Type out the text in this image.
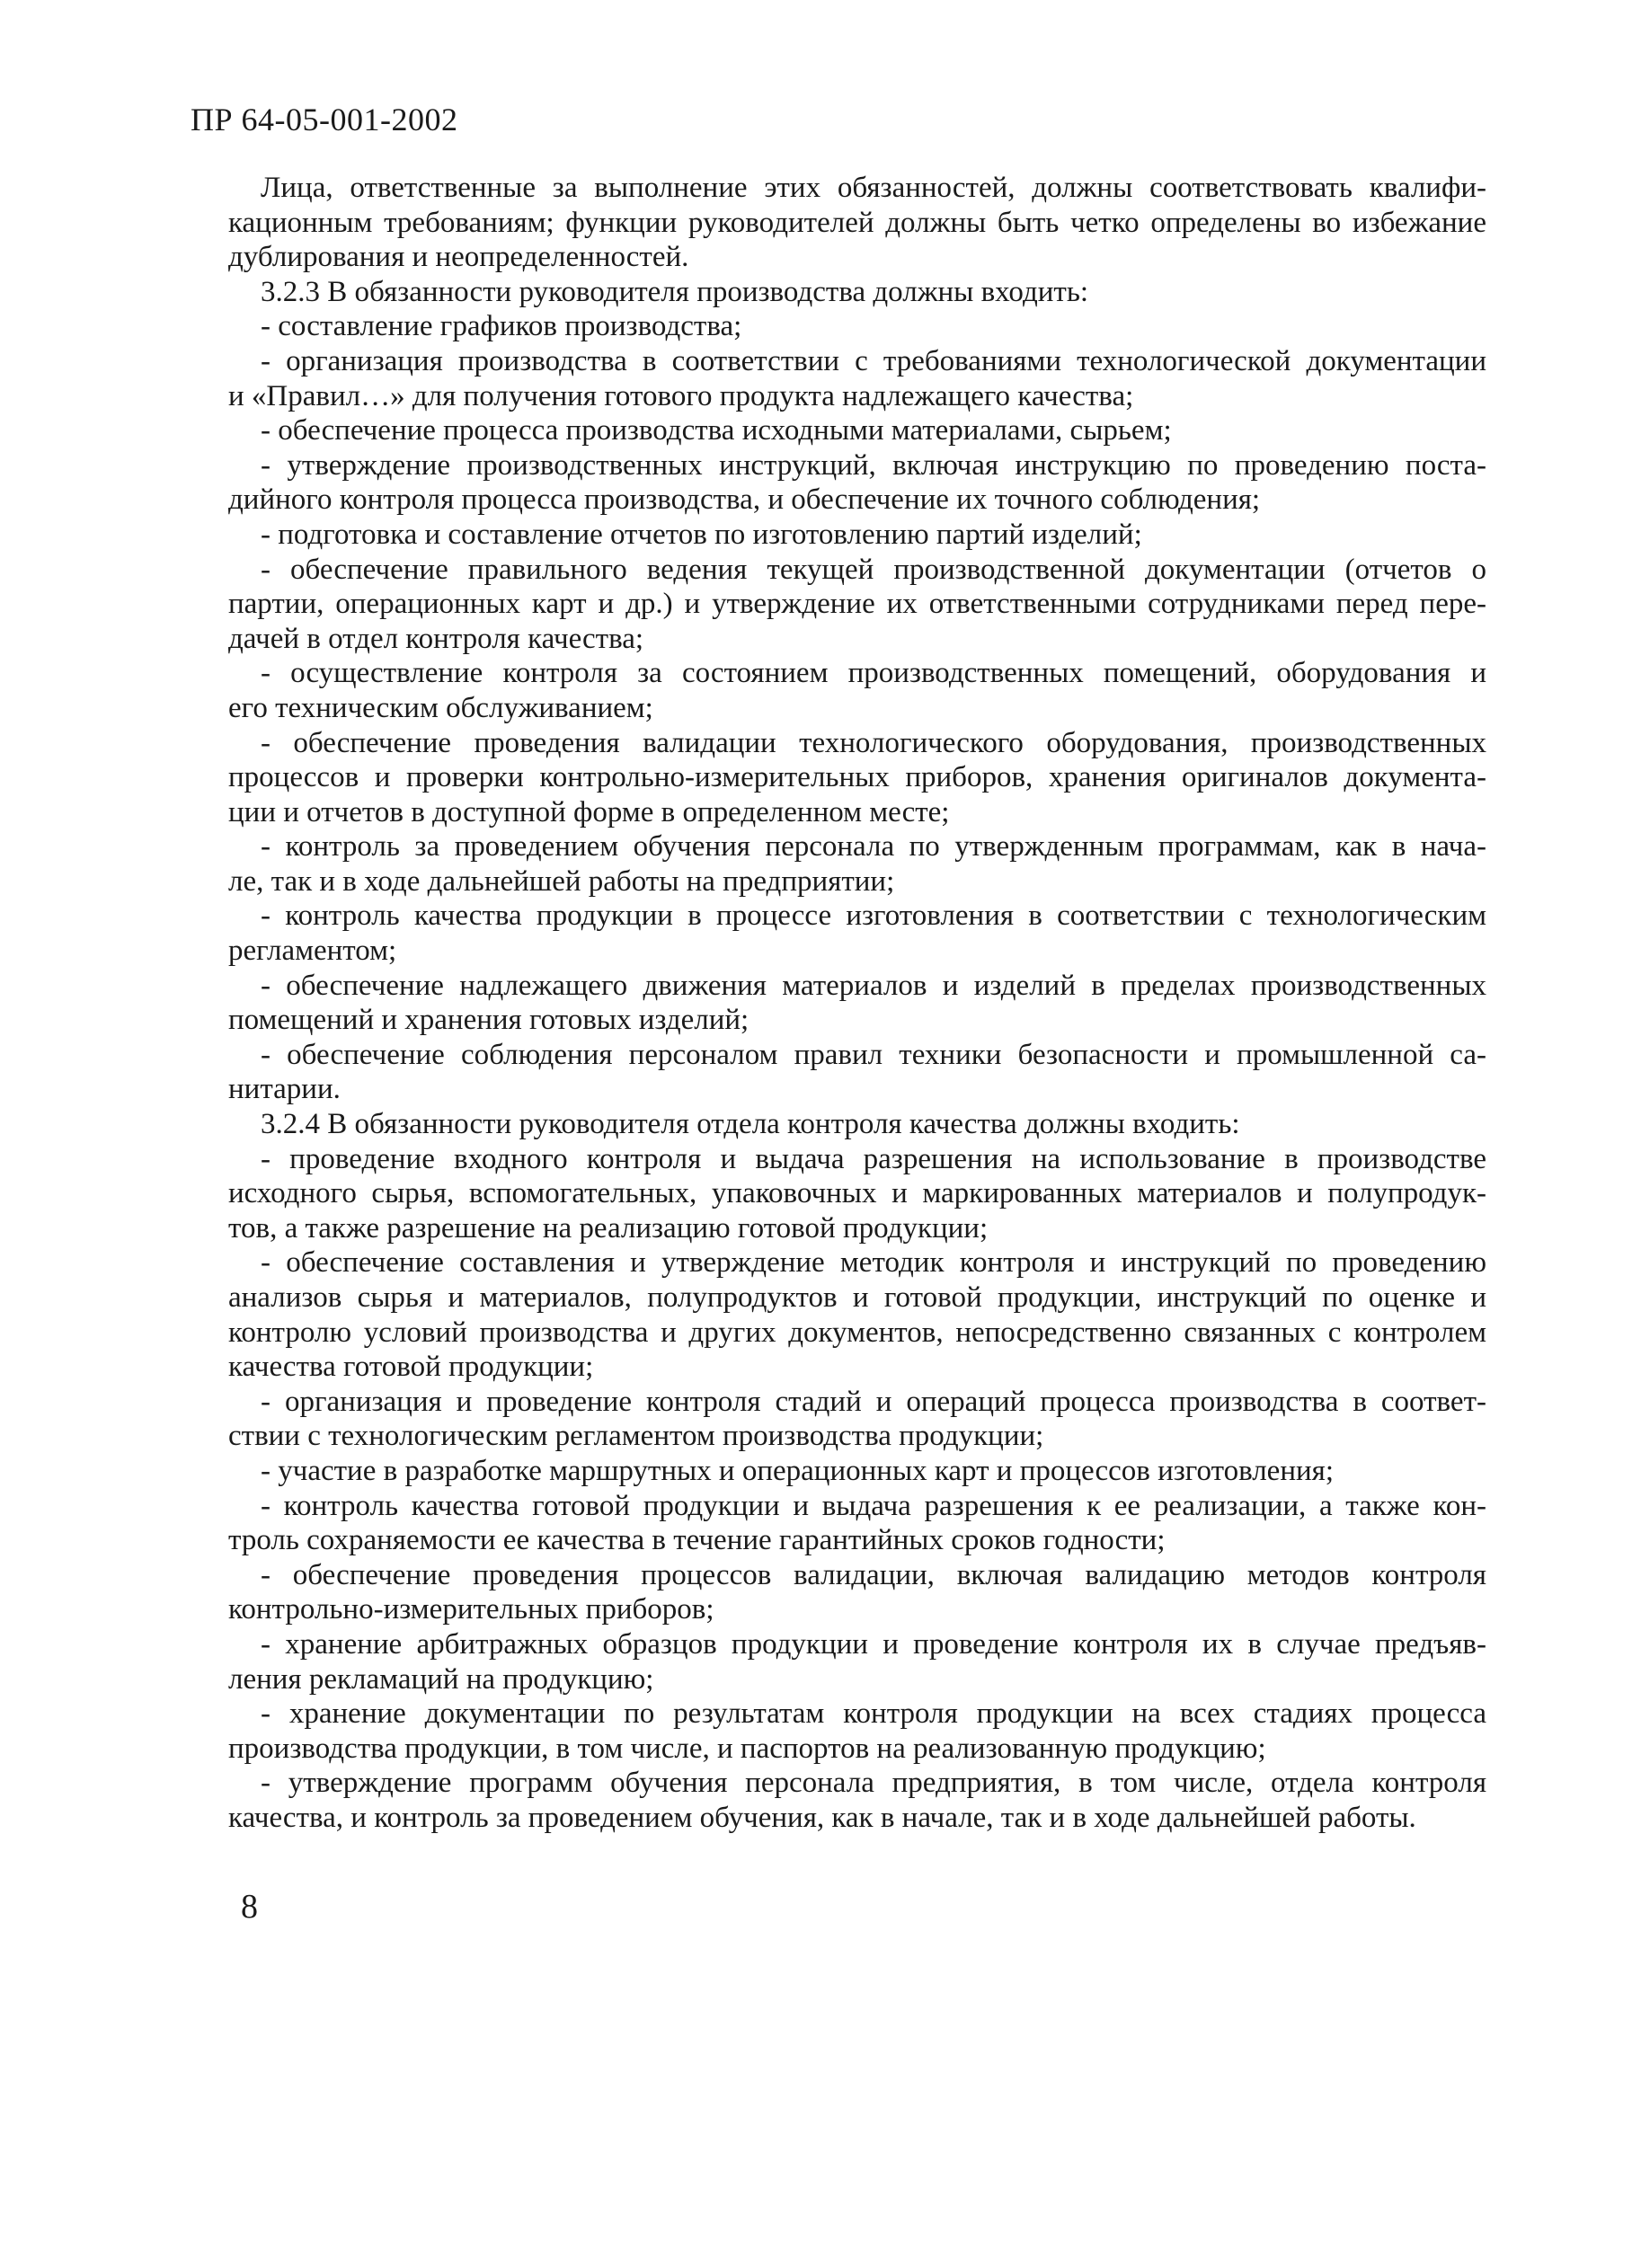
ПР 64-05-001-2002
Лица, ответственные за выполнение этих обязанностей, должны соответствовать квалифи-
кационным требованиям; функции руководителей должны быть четко определены во избежание
дублирования и неопределенностей.
3.2.3 В обязанности руководителя производства должны входить:
- составление графиков производства;
- организация производства в соответствии с требованиями технологической документации
и «Правил…» для получения готового продукта надлежащего качества;
- обеспечение процесса производства исходными материалами, сырьем;
- утверждение производственных инструкций, включая инструкцию по проведению поста-
дийного контроля процесса производства, и обеспечение их точного соблюдения;
- подготовка и составление отчетов по изготовлению партий изделий;
- обеспечение правильного ведения текущей производственной документации (отчетов о
партии, операционных карт и др.) и утверждение их ответственными сотрудниками перед пере-
дачей в отдел контроля качества;
- осуществление контроля за состоянием производственных помещений, оборудования и
его техническим обслуживанием;
- обеспечение проведения валидации технологического оборудования, производственных
процессов и проверки контрольно-измерительных приборов, хранения оригиналов документа-
ции и отчетов в доступной форме в определенном месте;
- контроль за проведением обучения персонала по утвержденным программам, как в нача-
ле, так и в ходе дальнейшей работы на предприятии;
- контроль качества продукции в процессе изготовления в соответствии с технологическим
регламентом;
- обеспечение надлежащего движения материалов и изделий в пределах производственных
помещений и хранения готовых изделий;
- обеспечение соблюдения персоналом правил техники безопасности и промышленной са-
нитарии.
3.2.4 В обязанности руководителя отдела контроля качества должны входить:
- проведение входного контроля и выдача разрешения на использование в производстве
исходного сырья, вспомогательных, упаковочных и маркированных материалов и полупродук-
тов, а также разрешение на реализацию готовой продукции;
- обеспечение составления и утверждение методик контроля и инструкций по проведению
анализов сырья и материалов, полупродуктов и готовой продукции, инструкций по оценке и
контролю условий производства и других документов, непосредственно связанных с контролем
качества готовой продукции;
- организация и проведение контроля стадий и операций процесса производства в соответ-
ствии с технологическим регламентом производства продукции;
- участие в разработке маршрутных и операционных карт и процессов изготовления;
- контроль качества готовой продукции и выдача разрешения к ее реализации, а также кон-
троль сохраняемости ее качества в течение гарантийных сроков годности;
- обеспечение проведения процессов валидации, включая валидацию методов контроля
контрольно-измерительных приборов;
- хранение арбитражных образцов продукции и проведение контроля их в случае предъяв-
ления рекламаций на продукцию;
- хранение документации по результатам контроля продукции на всех стадиях процесса
производства продукции, в том числе, и паспортов на реализованную продукцию;
- утверждение программ обучения персонала предприятия, в том числе, отдела контроля
качества, и контроль за проведением обучения, как в начале, так и в ходе дальнейшей работы.
8
